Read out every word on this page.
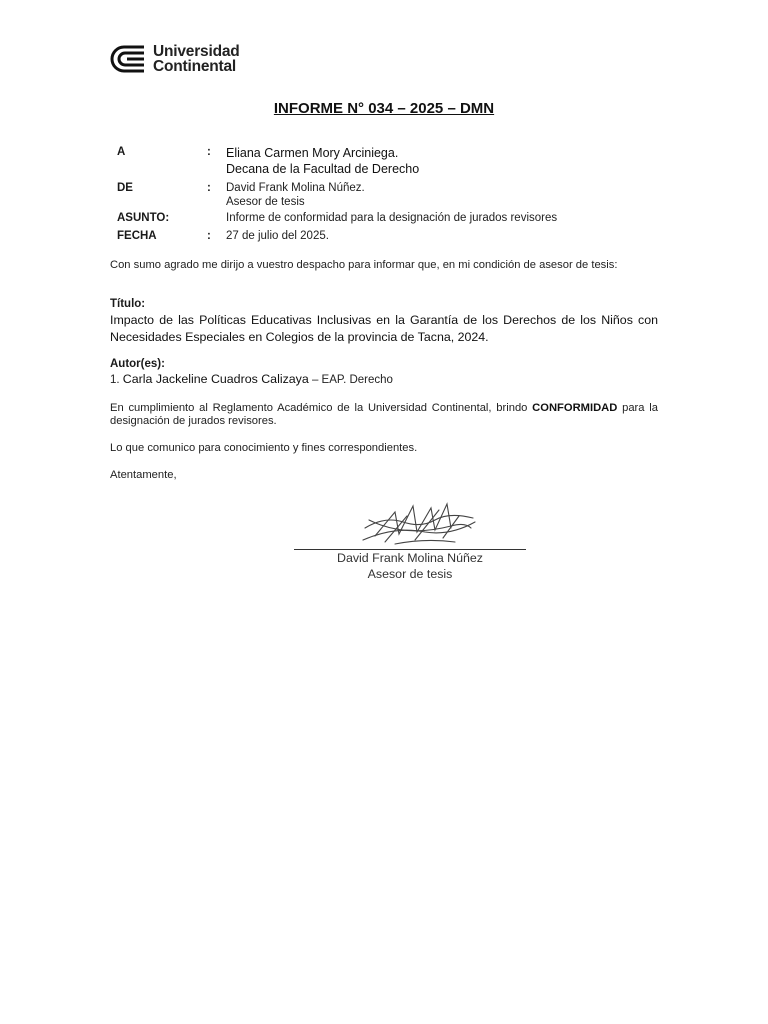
Universidad
Continental
INFORME N° 034 – 2025 – DMN
A	: Eliana Carmen Mory Arciniega.
Decana de la Facultad de Derecho
DE	: David Frank Molina Núñez.
Asesor de tesis
ASUNTO:	Informe de conformidad para la designación de jurados revisores
FECHA	: 27 de julio del 2025.
Con sumo agrado me dirijo a vuestro despacho para informar que, en mi condición de asesor de tesis:
Título:
Impacto de las Políticas Educativas Inclusivas en la Garantía de los Derechos de los Niños con Necesidades Especiales en Colegios de la provincia de Tacna, 2024.
Autor(es):
1. Carla Jackeline Cuadros Calizaya – EAP. Derecho
En cumplimiento al Reglamento Académico de la Universidad Continental, brindo CONFORMIDAD para la designación de jurados revisores.
Lo que comunico para conocimiento y fines correspondientes.
Atentamente,
David Frank Molina Núñez
Asesor de tesis
